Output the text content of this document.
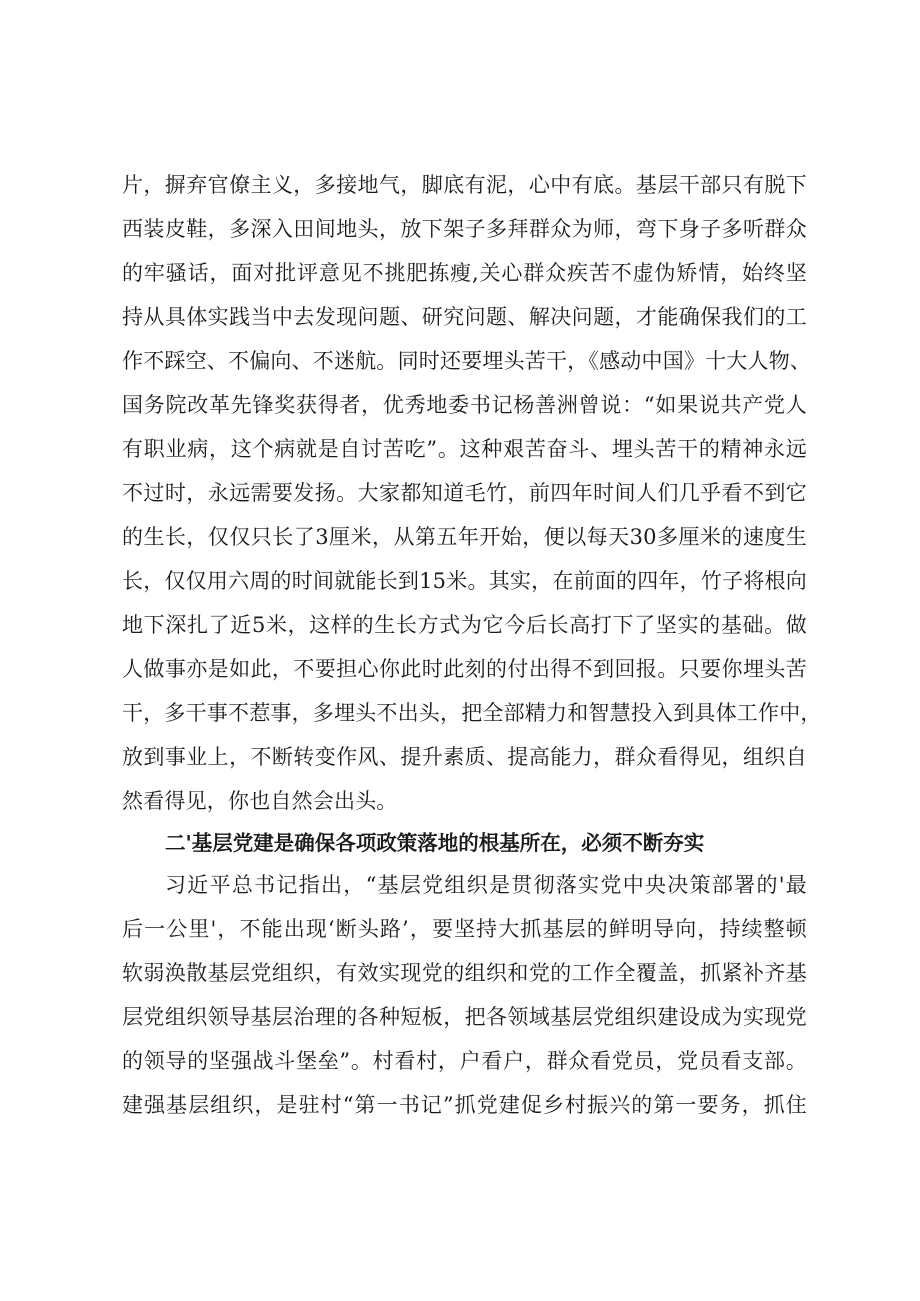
片，摒弃官僚主义，多接地气，脚底有泥，心中有底。基层干部只有脱下
西装皮鞋，多深入田间地头，放下架子多拜群众为师，弯下身子多听群众
的牢骚话，面对批评意见不挑肥拣瘦,关心群众疾苦不虚伪矫情，始终坚
持从具体实践当中去发现问题、研究问题、解决问题，才能确保我们的工
作不踩空、不偏向、不迷航。同时还要埋头苦干，《感动中国》十大人物、
国务院改革先锋奖获得者，优秀地委书记杨善洲曾说：“如果说共产党人
有职业病，这个病就是自讨苦吃”。这种艰苦奋斗、埋头苦干的精神永远
不过时，永远需要发扬。大家都知道毛竹，前四年时间人们几乎看不到它
的生长，仅仅只长了3厘米，从第五年开始，便以每天30多厘米的速度生
长，仅仅用六周的时间就能长到15米。其实，在前面的四年，竹子将根向
地下深扎了近5米，这样的生长方式为它今后长高打下了坚实的基础。做
人做事亦是如此，不要担心你此时此刻的付出得不到回报。只要你埋头苦
干，多干事不惹事，多埋头不出头，把全部精力和智慧投入到具体工作中，
放到事业上，不断转变作风、提升素质、提高能力，群众看得见，组织自
然看得见，你也自然会出头。
二'基层党建是确保各项政策落地的根基所在，必须不断夯实
习近平总书记指出，“基层党组织是贯彻落实党中央决策部署的'最
后一公里'，不能出现‘断头路’，要坚持大抓基层的鲜明导向，持续整顿
软弱涣散基层党组织，有效实现党的组织和党的工作全覆盖，抓紧补齐基
层党组织领导基层治理的各种短板，把各领域基层党组织建设成为实现党
的领导的坚强战斗堡垒”。村看村，户看户，群众看党员，党员看支部。
建强基层组织，是驻村“第一书记”抓党建促乡村振兴的第一要务，抓住
